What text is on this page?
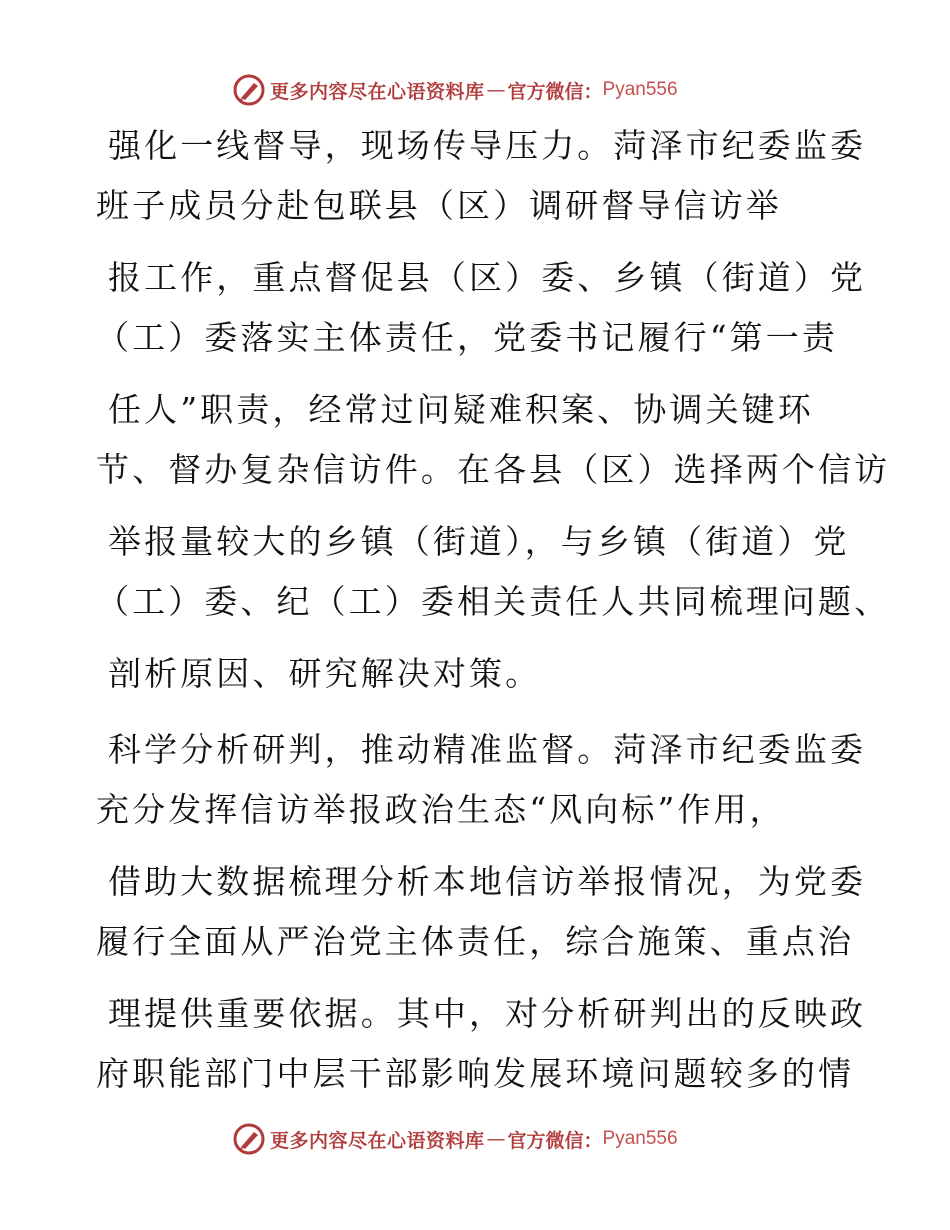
更多内容尽在心语资料库 — 官方微信： Pyan556
强化一线督导，现场传导压力。菏泽市纪委监委
班子成员分赴包联县（区）调研督导信访举
报工作，重点督促县（区）委、乡镇（街道）党
（工）委落实主体责任，党委书记履行“第一责
任人”职责，经常过问疑难积案、协调关键环
节、督办复杂信访件。在各县（区）选择两个信访
举报量较大的乡镇（街道），与乡镇（街道）党
（工）委、纪（工）委相关责任人共同梳理问题、
剖析原因、研究解决对策。
科学分析研判，推动精准监督。菏泽市纪委监委
充分发挥信访举报政治生态“风向标”作用，
借助大数据梳理分析本地信访举报情况，为党委
履行全面从严治党主体责任，综合施策、重点治
理提供重要依据。其中，对分析研判出的反映政
府职能部门中层干部影响发展环境问题较多的情
更多内容尽在心语资料库 — 官方微信： Pyan556
